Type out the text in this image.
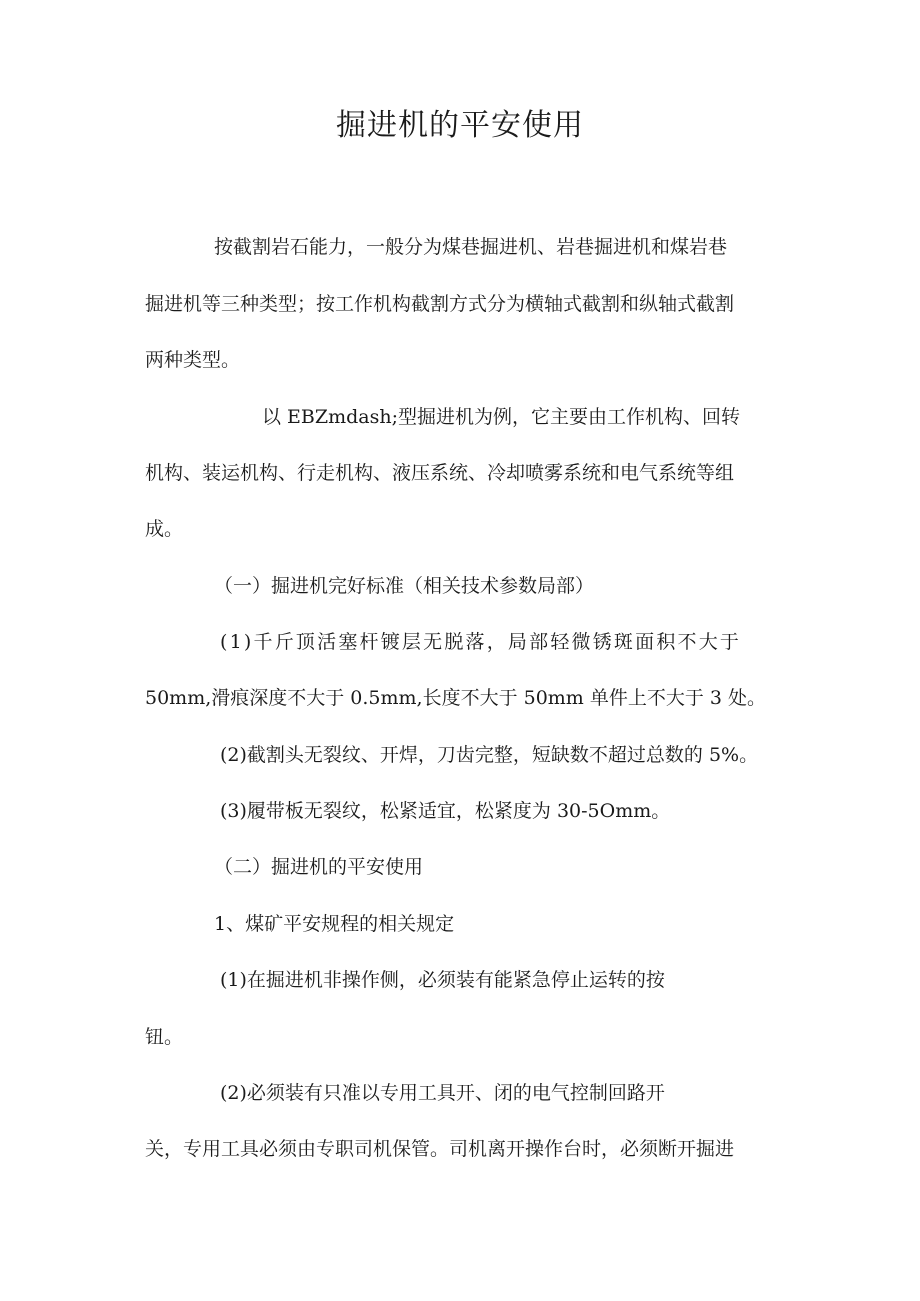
掘进机的平安使用
按截割岩石能力，一般分为煤巷掘进机、岩巷掘进机和煤岩巷
掘进机等三种类型；按工作机构截割方式分为横轴式截割和纵轴式截割
两种类型。
以 EBZmdash;型掘进机为例，它主要由工作机构、回转
机构、装运机构、行走机构、液压系统、冷却喷雾系统和电气系统等组
成。
（一）掘进机完好标准（相关技术参数局部）
(1)千斤顶活塞杆镀层无脱落，局部轻微锈斑面积不大于
50mm,滑痕深度不大于 0.5mm,长度不大于 50mm 单件上不大于 3 处。
(2)截割头无裂纹、开焊，刀齿完整，短缺数不超过总数的 5%。
(3)履带板无裂纹，松紧适宜，松紧度为 30-5Omm。
（二）掘进机的平安使用
1、煤矿平安规程的相关规定
(1)在掘进机非操作侧，必须装有能紧急停止运转的按
钮。
(2)必须装有只准以专用工具开、闭的电气控制回路开
关，专用工具必须由专职司机保管。司机离开操作台时，必须断开掘进
